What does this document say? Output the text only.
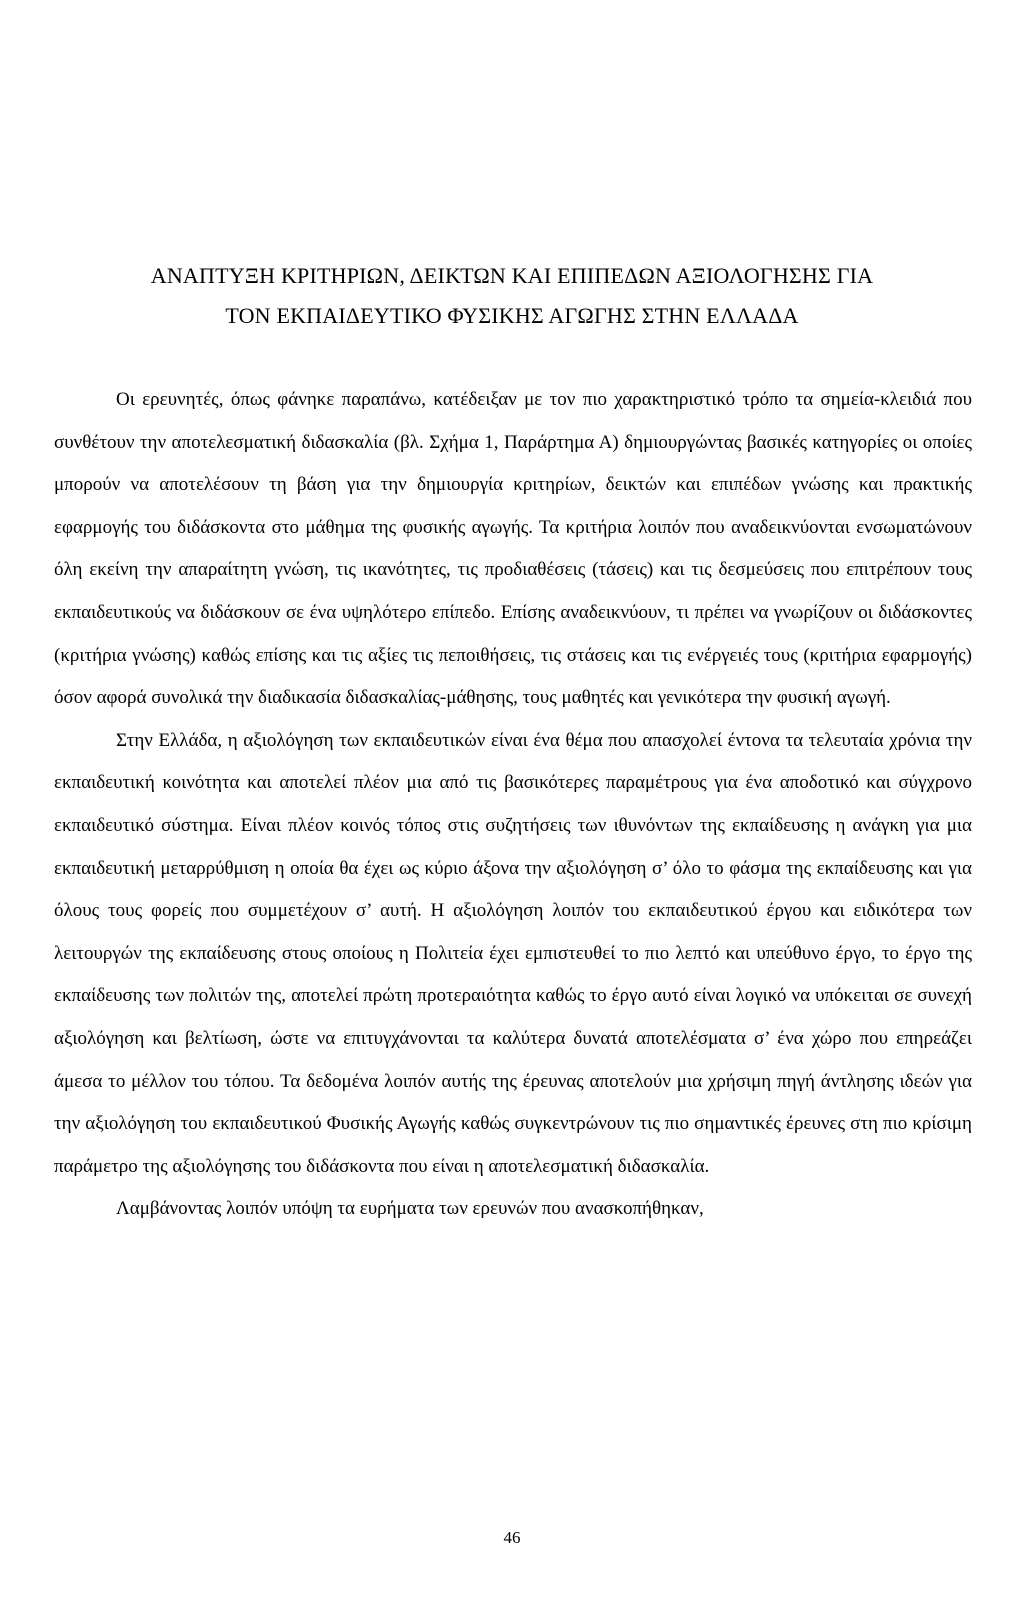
ΑΝΑΠΤΥΞΗ ΚΡΙΤΗΡΙΩΝ, ΔΕΙΚΤΩΝ ΚΑΙ ΕΠΙΠΕΔΩΝ ΑΞΙΟΛΟΓΗΣΗΣ ΓΙΑ
ΤΟΝ ΕΚΠΑΙΔΕΥΤΙΚΟ ΦΥΣΙΚΗΣ ΑΓΩΓΗΣ ΣΤΗΝ ΕΛΛΑΔΑ

Οι ερευνητές, όπως φάνηκε παραπάνω, κατέδειξαν με τον πιο χαρακτηριστικό τρόπο τα σημεία-κλειδιά που συνθέτουν την αποτελεσματική διδασκαλία (βλ. Σχήμα 1, Παράρτημα Α) δημιουργώντας βασικές κατηγορίες οι οποίες μπορούν να αποτελέσουν τη βάση για την δημιουργία κριτηρίων, δεικτών και επιπέδων γνώσης και πρακτικής εφαρμογής του διδάσκοντα στο μάθημα της φυσικής αγωγής. Τα κριτήρια λοιπόν που αναδεικνύονται ενσωματώνουν όλη εκείνη την απαραίτητη γνώση, τις ικανότητες, τις προδιαθέσεις (τάσεις) και τις δεσμεύσεις που επιτρέπουν τους εκπαιδευτικούς να διδάσκουν σε ένα υψηλότερο επίπεδο. Επίσης αναδεικνύουν, τι πρέπει να γνωρίζουν οι διδάσκοντες (κριτήρια γνώσης) καθώς επίσης και τις αξίες τις πεποιθήσεις, τις στάσεις και τις ενέργειές τους (κριτήρια εφαρμογής) όσον αφορά συνολικά την διαδικασία διδασκαλίας-μάθησης, τους μαθητές και γενικότερα την φυσική αγωγή.

Στην Ελλάδα, η αξιολόγηση των εκπαιδευτικών είναι ένα θέμα που απασχολεί έντονα τα τελευταία χρόνια την εκπαιδευτική κοινότητα και αποτελεί πλέον μια από τις βασικότερες παραμέτρους για ένα αποδοτικό και σύγχρονο εκπαιδευτικό σύστημα. Είναι πλέον κοινός τόπος στις συζητήσεις των ιθυνόντων της εκπαίδευσης η ανάγκη για μια εκπαιδευτική μεταρρύθμιση η οποία θα έχει ως κύριο άξονα την αξιολόγηση σ’ όλο το φάσμα της εκπαίδευσης και για όλους τους φορείς που συμμετέχουν σ’ αυτή. Η αξιολόγηση λοιπόν του εκπαιδευτικού έργου και ειδικότερα των λειτουργών της εκπαίδευσης στους οποίους η Πολιτεία έχει εμπιστευθεί το πιο λεπτό και υπεύθυνο έργο, το έργο της εκπαίδευσης των πολιτών της, αποτελεί πρώτη προτεραιότητα καθώς το έργο αυτό είναι λογικό να υπόκειται σε συνεχή αξιολόγηση και βελτίωση, ώστε να επιτυγχάνονται τα καλύτερα δυνατά αποτελέσματα σ’ ένα χώρο που επηρεάζει άμεσα το μέλλον του τόπου. Τα δεδομένα λοιπόν αυτής της έρευνας αποτελούν μια χρήσιμη πηγή άντλησης ιδεών για την αξιολόγηση του εκπαιδευτικού Φυσικής Αγωγής καθώς συγκεντρώνουν τις πιο σημαντικές έρευνες στη πιο κρίσιμη παράμετρο της αξιολόγησης του διδάσκοντα που είναι η αποτελεσματική διδασκαλία.

Λαμβάνοντας λοιπόν υπόψη τα ευρήματα των ερευνών που ανασκοπήθηκαν,

46
